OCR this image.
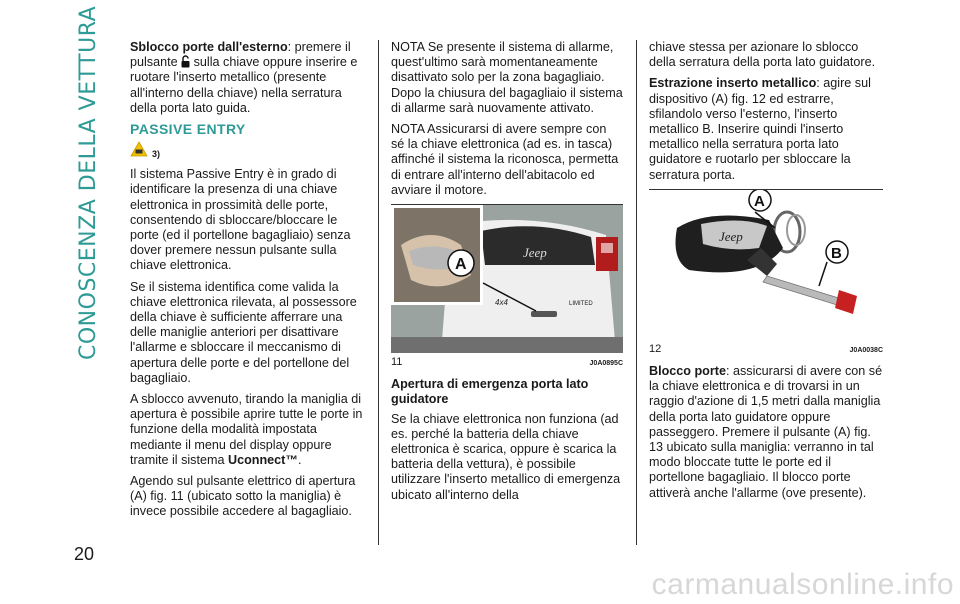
CONOSCENZA DELLA VETTURA
20

Sblocco porte dall'esterno: premere il pulsante sulla chiave oppure inserire e ruotare l'inserto metallico (presente all'interno della chiave) nella serratura della porta lato guida.

PASSIVE ENTRY
3)

Il sistema Passive Entry è in grado di identificare la presenza di una chiave elettronica in prossimità delle porte, consentendo di sbloccare/bloccare le porte (ed il portellone bagagliaio) senza dover premere nessun pulsante sulla chiave elettronica.

Se il sistema identifica come valida la chiave elettronica rilevata, al possessore della chiave è sufficiente afferrare una delle maniglie anteriori per disattivare l'allarme e sbloccare il meccanismo di apertura delle porte e del portellone del bagagliaio.

A sblocco avvenuto, tirando la maniglia di apertura è possibile aprire tutte le porte in funzione della modalità impostata mediante il menu del display oppure tramite il sistema Uconnect™.

Agendo sul pulsante elettrico di apertura (A) fig. 11 (ubicato sotto la maniglia) è invece possibile accedere al bagagliaio.

NOTA Se presente il sistema di allarme, quest'ultimo sarà momentaneamente disattivato solo per la zona bagagliaio. Dopo la chiusura del bagagliaio il sistema di allarme sarà nuovamente attivato.

NOTA Assicurarsi di avere sempre con sé la chiave elettronica (ad es. in tasca) affinché il sistema la riconosca, permetta di entrare all'interno dell'abitacolo ed avviare il motore.

Jeep
4x4	LIMITED
A
11	J0A0895C
Apertura di emergenza porta lato guidatore

Se la chiave elettronica non funziona (ad es. perché la batteria della chiave elettronica è scarica, oppure è scarica la batteria della vettura), è possibile utilizzare l'inserto metallico di emergenza ubicato all'interno della

chiave stessa per azionare lo sblocco della serratura della porta lato guidatore.

Estrazione inserto metallico: agire sul dispositivo (A) fig. 12 ed estrarre, sfilandolo verso l'esterno, l'inserto metallico B. Inserire quindi l'inserto metallico nella serratura porta lato guidatore e ruotarlo per sbloccare la serratura porta.

Jeep
A
B
12	J0A0038C

Blocco porte: assicurarsi di avere con sé la chiave elettronica e di trovarsi in un raggio d'azione di 1,5 metri dalla maniglia della porta lato guidatore oppure passeggero. Premere il pulsante (A) fig. 13 ubicato sulla maniglia: verranno in tal modo bloccate tutte le porte ed il portellone bagagliaio. Il blocco porte attiverà anche l'allarme (ove presente).

carmanualsonline.info
